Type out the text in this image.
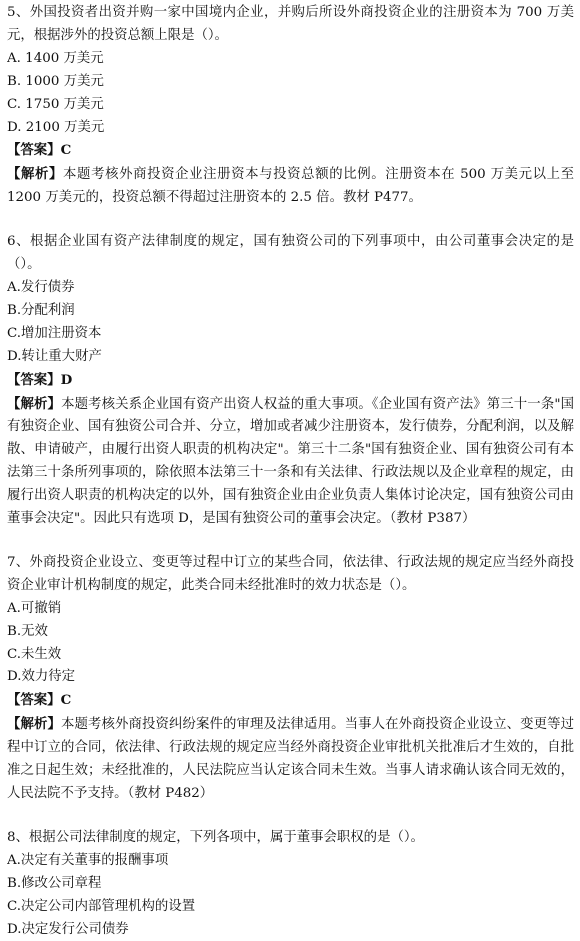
5、外国投资者出资并购一家中国境内企业，并购后所设外商投资企业的注册资本为 700 万美元，根据涉外的投资总额上限是（）。
A. 1400 万美元
B. 1000 万美元
C. 1750 万美元
D. 2100 万美元
【答案】C
【解析】本题考核外商投资企业注册资本与投资总额的比例。注册资本在 500 万美元以上至 1200 万美元的，投资总额不得超过注册资本的 2.5 倍。教材 P477。
6、根据企业国有资产法律制度的规定，国有独资公司的下列事项中，由公司董事会决定的是（）。
A.发行债券
B.分配利润
C.增加注册资本
D.转让重大财产
【答案】D
【解析】本题考核关系企业国有资产出资人权益的重大事项。《企业国有资产法》第三十一条"国有独资企业、国有独资公司合并、分立，增加或者减少注册资本，发行债券，分配利润，以及解散、申请破产，由履行出资人职责的机构决定"。第三十二条"国有独资企业、国有独资公司有本法第三十条所列事项的，除依照本法第三十一条和有关法律、行政法规以及企业章程的规定，由履行出资人职责的机构决定的以外，国有独资企业由企业负责人集体讨论决定，国有独资公司由董事会决定"。因此只有选项 D，是国有独资公司的董事会决定。（教材 P387）
7、外商投资企业设立、变更等过程中订立的某些合同，依法律、行政法规的规定应当经外商投资企业审计机构制度的规定，此类合同未经批准时的效力状态是（）。
A.可撤销
B.无效
C.未生效
D.效力待定
【答案】C
【解析】本题考核外商投资纠纷案件的审理及法律适用。当事人在外商投资企业设立、变更等过程中订立的合同，依法律、行政法规的规定应当经外商投资企业审批机关批准后才生效的，自批准之日起生效；未经批准的，人民法院应当认定该合同未生效。当事人请求确认该合同无效的，人民法院不予支持。（教材 P482）
8、根据公司法律制度的规定，下列各项中，属于董事会职权的是（）。
A.决定有关董事的报酬事项
B.修改公司章程
C.决定公司内部管理机构的设置
D.决定发行公司债券
